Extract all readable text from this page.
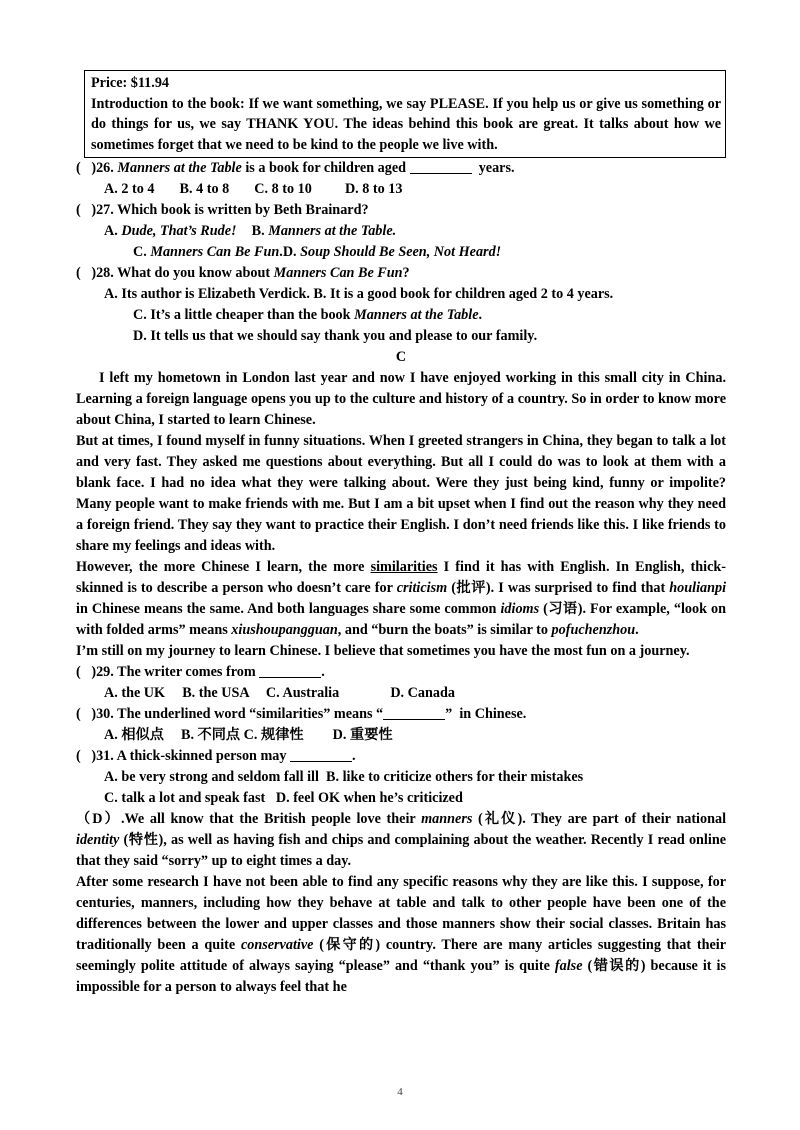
Price: $11.94
Introduction to the book: If we want something, we say PLEASE. If you help us or give us something or do things for us, we say THANK YOU. The ideas behind this book are great. It talks about how we sometimes forget that we need to be kind to the people we live with.
(   )26. Manners at the Table is a book for children aged	years.
A. 2 to 4 B. 4 to 8 C. 8 to 10 D. 8 to 13
(   )27. Which book is written by Beth Brainard?
A. Dude, That’s Rude! B. Manners at the Table.
C. Manners Can Be Fun.D. Soup Should Be Seen, Not Heard!
(   )28. What do you know about Manners Can Be Fun?
A. Its author is Elizabeth Verdick. B. It is a good book for children aged 2 to 4 years.
C. It’s a little cheaper than the book Manners at the Table.
D. It tells us that we should say thank you and please to our family.
C
I left my hometown in London last year and now I have enjoyed working in this small city in China. Learning a foreign language opens you up to the culture and history of a country. So in order to know more about China, I started to learn Chinese.
But at times, I found myself in funny situations. When I greeted strangers in China, they began to talk a lot and very fast. They asked me questions about everything. But all I could do was to look at them with a blank face. I had no idea what they were talking about. Were they just being kind, funny or impolite? Many people want to make friends with me. But I am a bit upset when I find out the reason why they need a foreign friend. They say they want to practice their English. I don’t need friends like this. I like friends to share my feelings and ideas with.
However, the more Chinese I learn, the more similarities I find it has with English. In English, thick-skinned is to describe a person who doesn’t care for criticism (批评). I was surprised to find that houlianpi in Chinese means the same. And both languages share some common idioms (习语). For example, “look on with folded arms” means xiushoupangguan, and “burn the boats” is similar to pofuchenzhou.
I’m still on my journey to learn Chinese. I believe that sometimes you have the most fun on a journey.
(   )29. The writer comes from	.
A. the UK B. the USA C. Australia	D. Canada
(   )30. The underlined word “similarities” means “	”  in Chinese.
A. 相似点 B. 不同点 C. 规律性 D. 重要性
(   )31. A thick-skinned person may	.
A. be very strong and seldom fall ill  B. like to criticize others for their mistakes
C. talk a lot and speak fast   D. feel OK when he’s criticized
（D）.We all know that the British people love their manners (礼仪). They are part of their national identity (特性), as well as having fish and chips and complaining about the weather. Recently I read online that they said “sorry” up to eight times a day.
After some research I have not been able to find any specific reasons why they are like this. I suppose, for centuries, manners, including how they behave at table and talk to other people have been one of the differences between the lower and upper classes and those manners show their social classes. Britain has traditionally been a quite conservative (保守的) country. There are many articles suggesting that their seemingly polite attitude of always saying “please” and “thank you” is quite false (错误的) because it is impossible for a person to always feel that he
4
